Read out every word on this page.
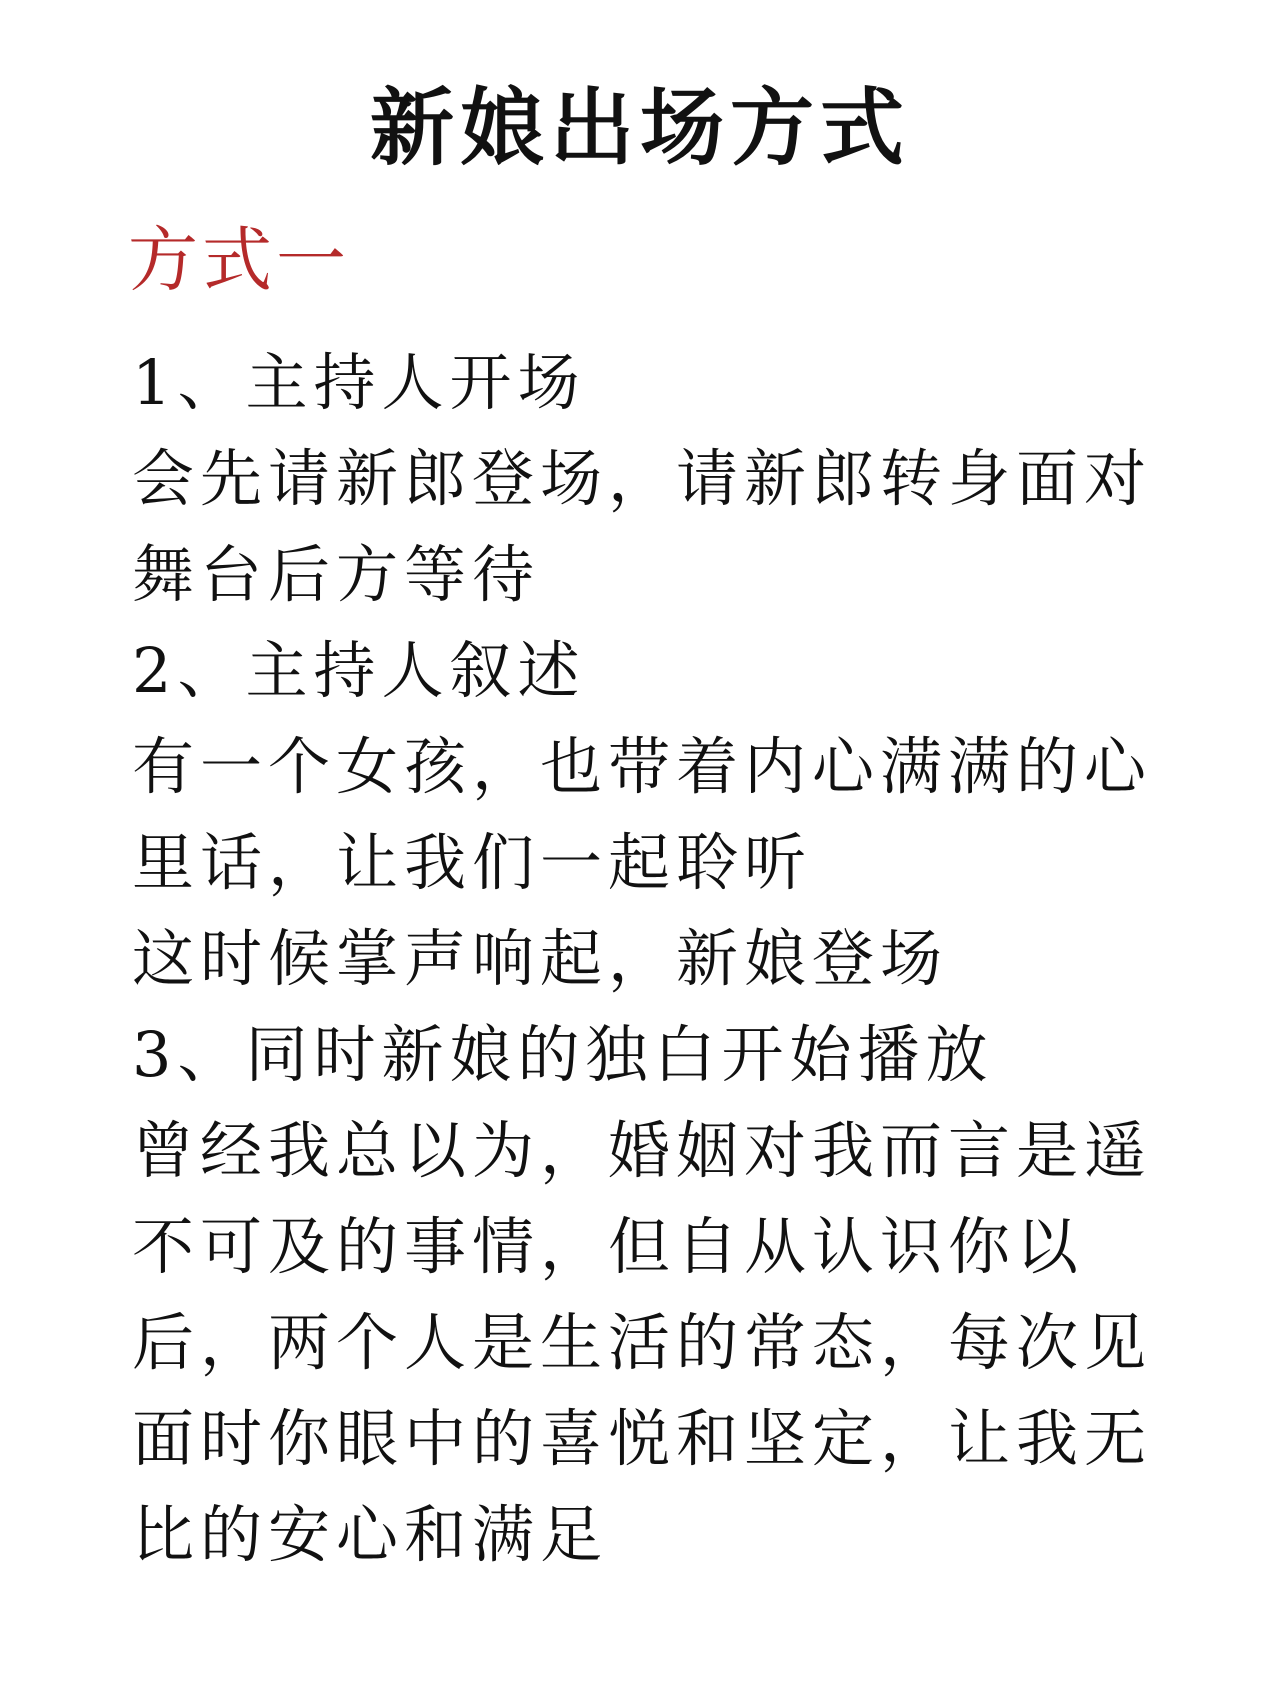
新娘出场方式
方式一
1、主持人开场
会先请新郎登场，请新郎转身面对
舞台后方等待
2、主持人叙述
有一个女孩，也带着内心满满的心
里话，让我们一起聆听
这时候掌声响起，新娘登场
3、同时新娘的独白开始播放
曾经我总以为，婚姻对我而言是遥
不可及的事情，但自从认识你以
后，两个人是生活的常态，每次见
面时你眼中的喜悦和坚定，让我无
比的安心和满足
